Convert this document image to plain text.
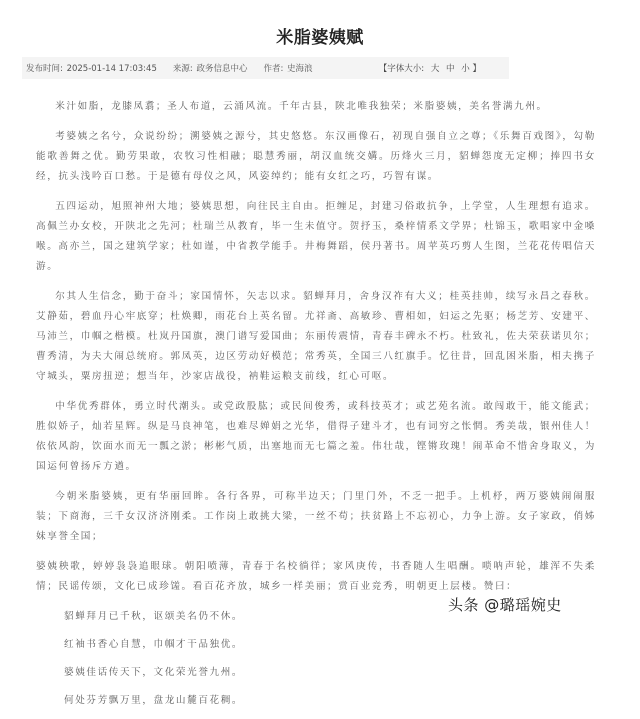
米脂婆姨赋
发布时间: 2025-01-14 17:03:45 来源: 政务信息中心 作者: 史海浪	【字体大小: 大 中 小 】

米汁如脂，龙膝凤翥；圣人布道，云涌风流。千年古县，陕北唯我独荣；米脂婆姨，美名誉满九州。

考婆姨之名兮，众说纷纷；溯婆姨之源兮，其史悠悠。东汉画像石，初现自强自立之尊；《乐舞百戏图》，勾勒能歌善舞之优。勤劳果敢，农牧习性相融；聪慧秀丽，胡汉血统交媾。历烽火三月，貂蝉怨度无定柳；捧四书女经，抗头浅吟百口愁。于是德有母仪之风，风姿绰约；能有女红之巧，巧智有谋。

五四运动，旭照神州大地；婆姨思想，向往民主自由。拒缠足，封建习俗敢抗争，上学堂，人生理想有追求。高佩兰办女校，开陕北之先河；杜瑞兰从教育，毕一生未值守。贺抒玉，桑梓情系文学界；杜锦玉，歌唱家中金嗓喉。高亦兰，国之建筑学家；杜如谨，中省教学能手。井梅舞蹈，侯丹著书。周苹英巧剪人生图，兰花花传唱信天游。

尔其人生信念，勤于奋斗；家国情怀，矢志以求。貂蝉拜月，舍身汉祚有大义；桂英挂帅，续写永昌之春秋。艾静茹，碧血丹心牢底穿；杜焕卿，雨花台上英名留。尤祥斋、高敏珍、曹相如，妇运之先驱；杨芝芳、安建平、马沛兰，巾帼之楷模。杜岚丹国旗，澳门谱写爱国曲；东丽传震情，青春丰碑永不朽。杜致礼，佐夫荣获诺贝尔；曹秀清，为夫大闹总统府。郭凤英，边区劳动好模范；常秀英，全国三八红旗手。忆往昔，回乱困米脂，相夫携子守城头，粟房扭逆；想当年，沙家店战役，衲鞋运粮支前线，红心可呕。

中华优秀群体，勇立时代潮头。或党政股肱；或民间俊秀，或科技英才；或艺苑名流。敢闯敢干，能文能武；胜似娇子，灿若星辉。纵是马良神笔，也难尽婵娟之光华，借得子建斗才，也有词穷之怅惘。秀美哉，银州佳人！依依风韵，饮面水而无一瓢之淤；彬彬气质，出塞地而无七篇之羞。伟壮哉，铿锵玫瑰！闹革命不惜舍身取义，为国运何曾扬斥方遒。

今朝米脂婆姨，更有华丽回眸。各行各界，可称半边天；门里门外，不乏一把手。上机杼，两万婆姨闹闹服装；下商海，三千女汉济济刚柔。工作岗上敢挑大梁，一丝不苟；扶贫路上不忘初心，力争上游。女子家政，俏姊妹享誉全国；

婆姨秧歌，婷婷袅袅追眼球。朝阳喷薄，青春于名校徜徉；家风庚传，书香随人生唱酬。唢呐声轮，雄浑不失柔情；民谣传颂，文化已成珍馐。看百花齐放，城乡一样美丽；赏百业竞秀，明朝更上层楼。赞曰：

貂蝉拜月已千秋，讴颂美名仍不休。
红袖书香心自慧，巾帼才干品独优。
婆姨佳话传天下，文化荣光誉九州。
何处芬芳飘万里，盘龙山麓百花稠。
头条 @璐瑶婉史
